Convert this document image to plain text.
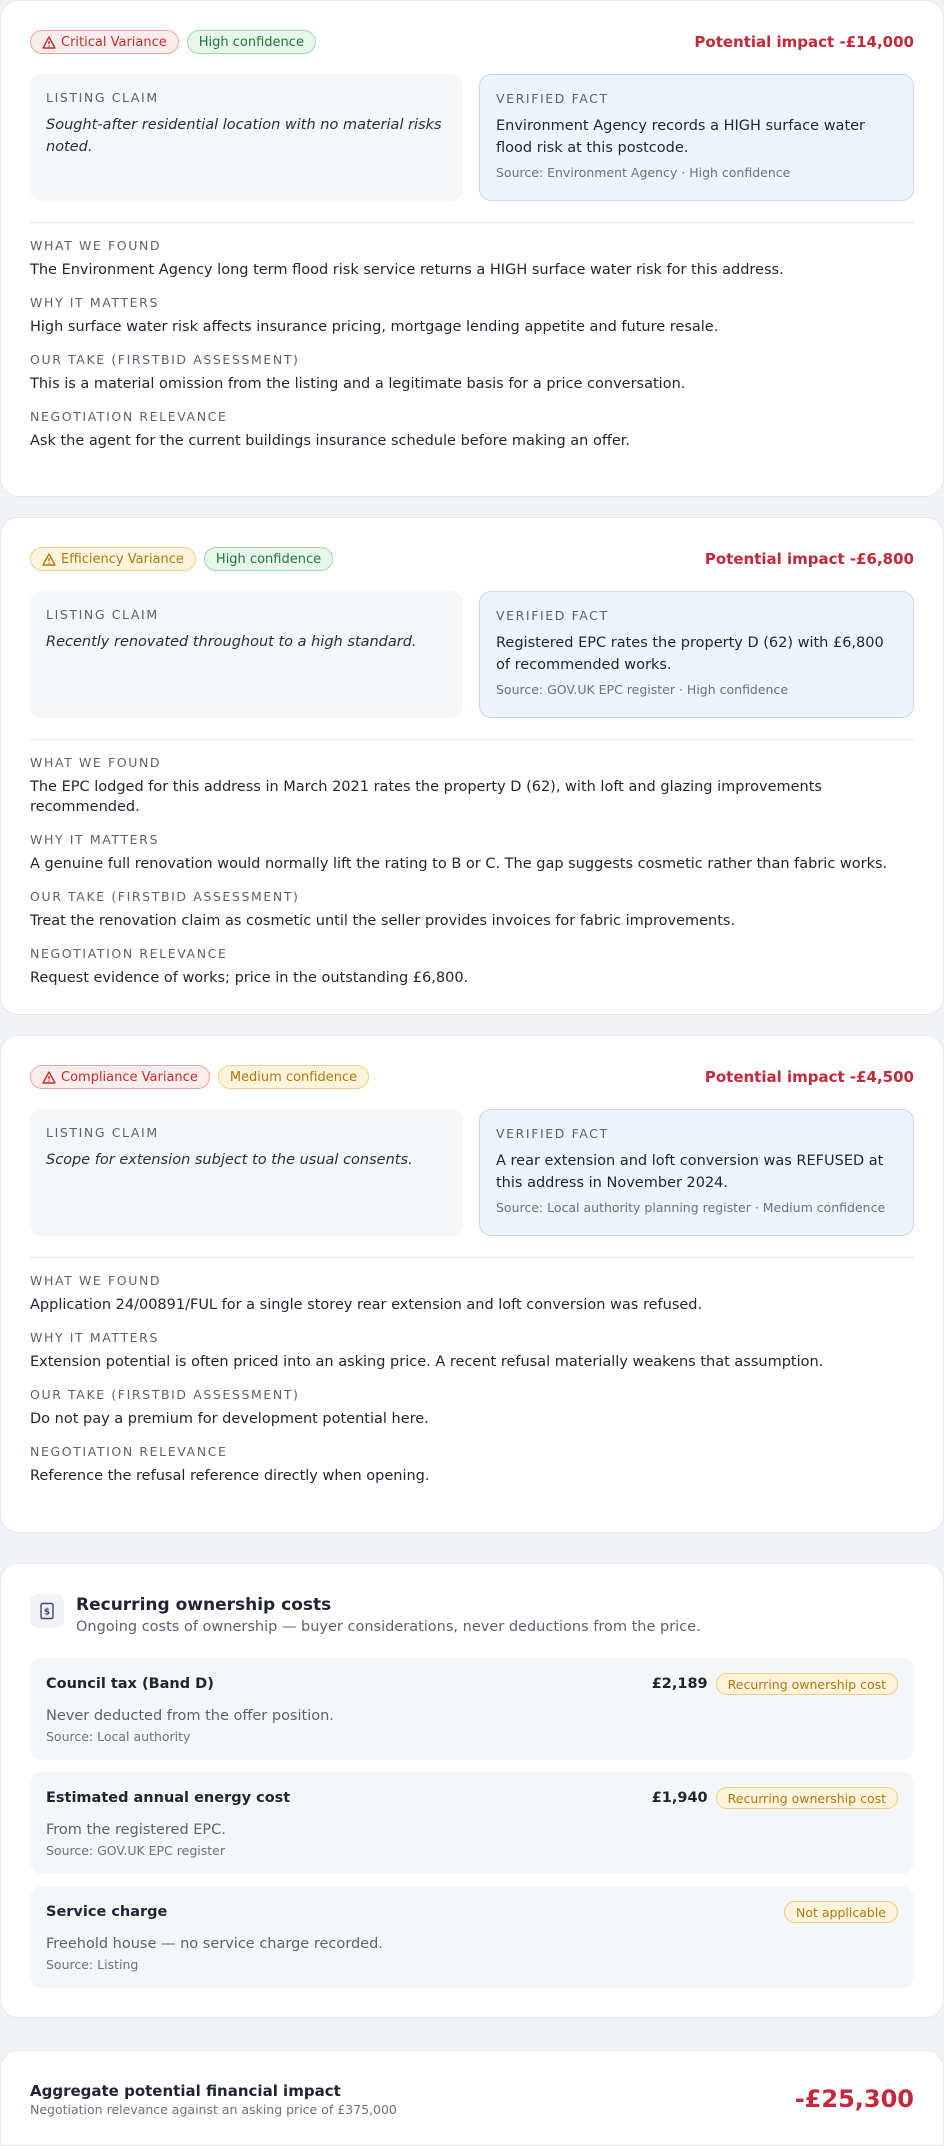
Critical Variance	High confidence	Potential impact -£14,000
LISTING CLAIM
Sought-after residential location with no material risks noted.
VERIFIED FACT
Environment Agency records a HIGH surface water flood risk at this postcode.
Source: Environment Agency · High confidence
WHAT WE FOUND
The Environment Agency long term flood risk service returns a HIGH surface water risk for this address.
WHY IT MATTERS
High surface water risk affects insurance pricing, mortgage lending appetite and future resale.
OUR TAKE (FIRSTBID ASSESSMENT)
This is a material omission from the listing and a legitimate basis for a price conversation.
NEGOTIATION RELEVANCE
Ask the agent for the current buildings insurance schedule before making an offer.
Efficiency Variance	High confidence	Potential impact -£6,800
LISTING CLAIM
Recently renovated throughout to a high standard.
VERIFIED FACT
Registered EPC rates the property D (62) with £6,800 of recommended works.
Source: GOV.UK EPC register · High confidence
WHAT WE FOUND
The EPC lodged for this address in March 2021 rates the property D (62), with loft and glazing improvements recommended.
WHY IT MATTERS
A genuine full renovation would normally lift the rating to B or C. The gap suggests cosmetic rather than fabric works.
OUR TAKE (FIRSTBID ASSESSMENT)
Treat the renovation claim as cosmetic until the seller provides invoices for fabric improvements.
NEGOTIATION RELEVANCE
Request evidence of works; price in the outstanding £6,800.
Compliance Variance	Medium confidence	Potential impact -£4,500
LISTING CLAIM
Scope for extension subject to the usual consents.
VERIFIED FACT
A rear extension and loft conversion was REFUSED at this address in November 2024.
Source: Local authority planning register · Medium confidence
WHAT WE FOUND
Application 24/00891/FUL for a single storey rear extension and loft conversion was refused.
WHY IT MATTERS
Extension potential is often priced into an asking price. A recent refusal materially weakens that assumption.
OUR TAKE (FIRSTBID ASSESSMENT)
Do not pay a premium for development potential here.
NEGOTIATION RELEVANCE
Reference the refusal reference directly when opening.
$ Recurring ownership costs
Ongoing costs of ownership — buyer considerations, never deductions from the price.
Council tax (Band D)	£2,189	Recurring ownership cost
Never deducted from the offer position.
Source: Local authority
Estimated annual energy cost	£1,940	Recurring ownership cost
From the registered EPC.
Source: GOV.UK EPC register
Service charge	Not applicable
Freehold house — no service charge recorded.
Source: Listing
Aggregate potential financial impact
Negotiation relevance against an asking price of £375,000	-£25,300
